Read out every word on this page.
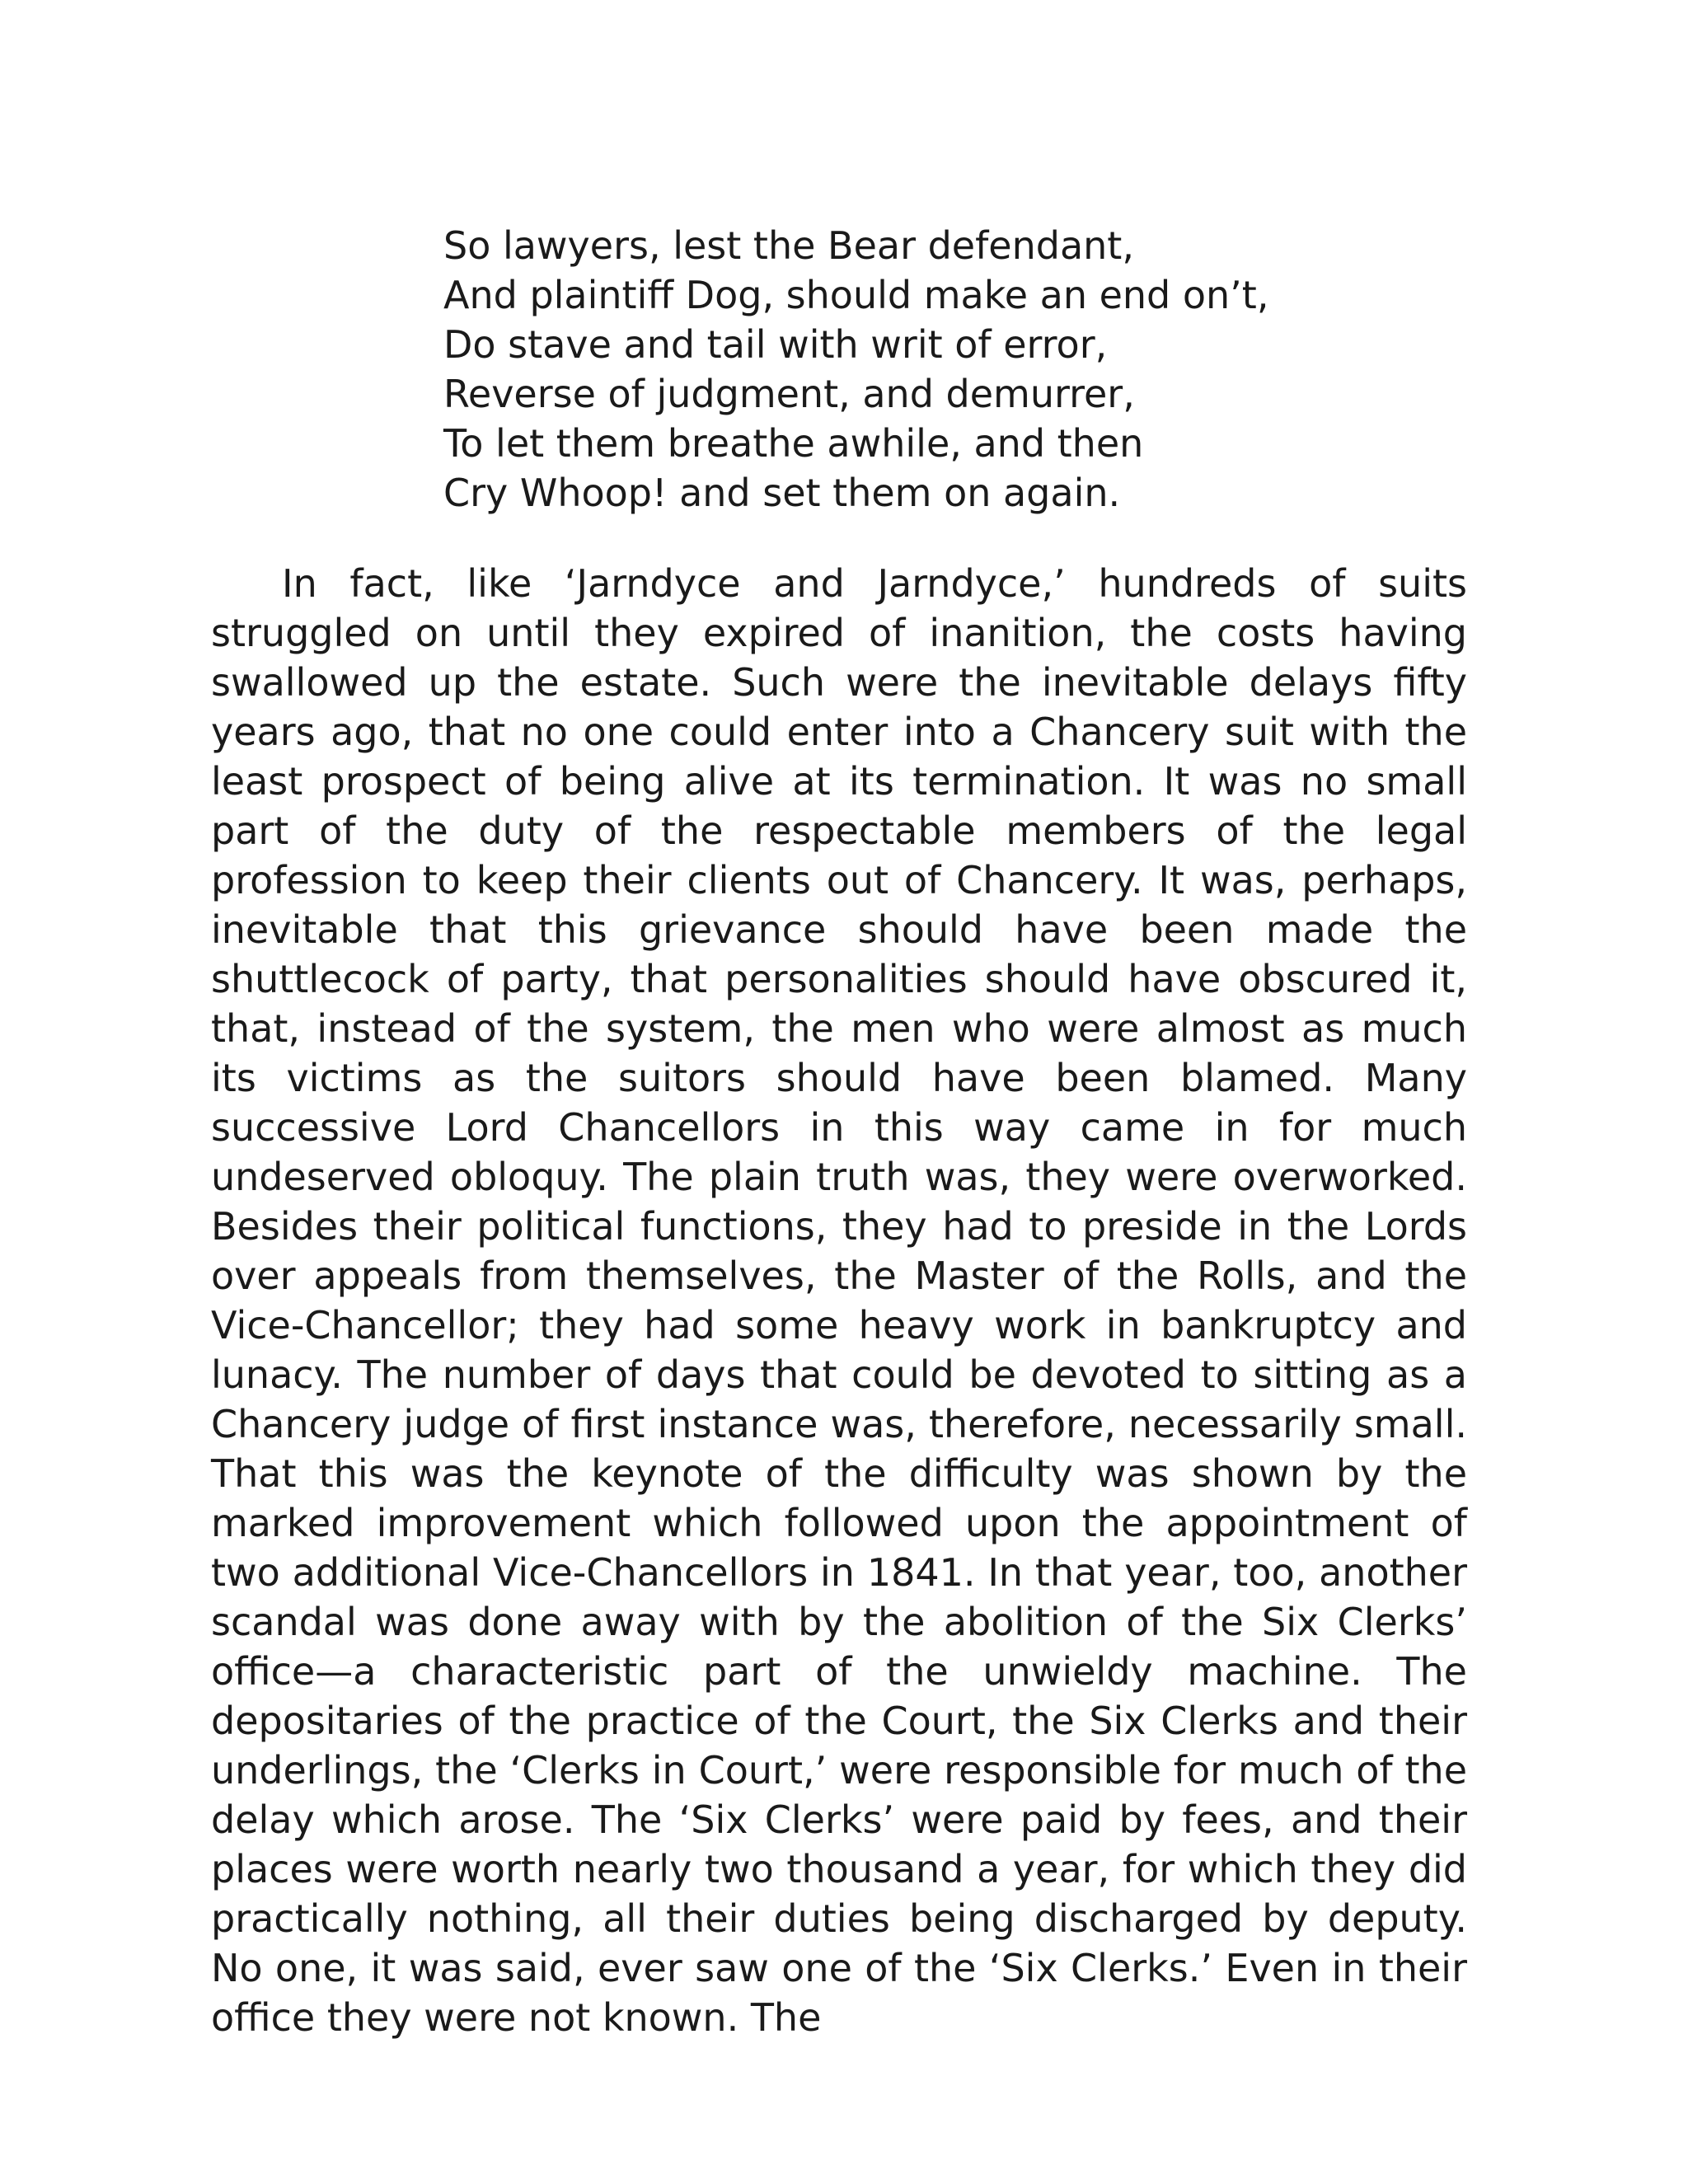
So lawyers, lest the Bear defendant,
And plaintiff Dog, should make an end on’t,
Do stave and tail with writ of error,
Reverse of judgment, and demurrer,
To let them breathe awhile, and then
Cry Whoop! and set them on again.

In fact, like ‘Jarndyce and Jarndyce,’ hundreds of suits struggled on until they expired of inanition, the costs having swallowed up the estate. Such were the inevitable delays fifty years ago, that no one could enter into a Chancery suit with the least prospect of being alive at its termination. It was no small part of the duty of the respectable members of the legal profession to keep their clients out of Chancery. It was, perhaps, inevitable that this grievance should have been made the shuttlecock of party, that personalities should have obscured it, that, instead of the system, the men who were almost as much its victims as the suitors should have been blamed. Many successive Lord Chancellors in this way came in for much undeserved obloquy. The plain truth was, they were overworked. Besides their political functions, they had to preside in the Lords over appeals from themselves, the Master of the Rolls, and the Vice-Chancellor; they had some heavy work in bankruptcy and lunacy. The number of days that could be devoted to sitting as a Chancery judge of first instance was, therefore, necessarily small. That this was the keynote of the difficulty was shown by the marked improvement which followed upon the appointment of two additional Vice-Chancellors in 1841. In that year, too, another scandal was done away with by the abolition of the Six Clerks’ office—a characteristic part of the unwieldy machine. The depositaries of the practice of the Court, the Six Clerks and their underlings, the ‘Clerks in Court,’ were responsible for much of the delay which arose. The ‘Six Clerks’ were paid by fees, and their places were worth nearly two thousand a year, for which they did practically nothing, all their duties being discharged by deputy. No one, it was said, ever saw one of the ‘Six Clerks.’ Even in their office they were not known. The
